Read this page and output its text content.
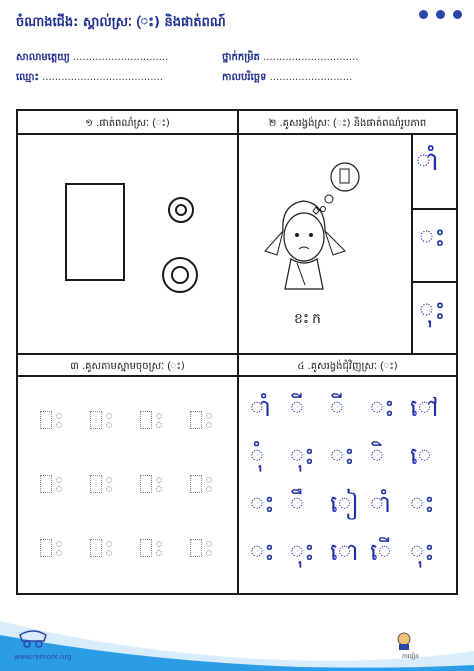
ចំណាងជើង: ស្គាល់ស្រៈ (ះ) និងផាត់ពណ៍
សាលាមត្តេយ្យ ..............................	ថ្នាក់កម្រិត ..............................
ឈ្មោះ ......................................	កាលបរិច្ឆេទ ..........................
១ .ផាត់ពណ៌ស្រៈ (ះ)	២ .គូសរង្វង់ស្រៈ (ះ) និងផាត់ពណ៌រូបភាព
៣ .គូសតាមស្នាមចុចស្រៈ (ះ)	៤ .គូសរង្វង់ជុំវិញស្រៈ (ះ)
ខះក
ាំ
ះ
ុះ
ាំ ី ី ះ ៅ
ុំ ុះ ះ ិ េ
ះ ឹ ៀ ាំ ះ
ះ ុះ ោ ើ ុះ
www.remork.org	ការរៀន
